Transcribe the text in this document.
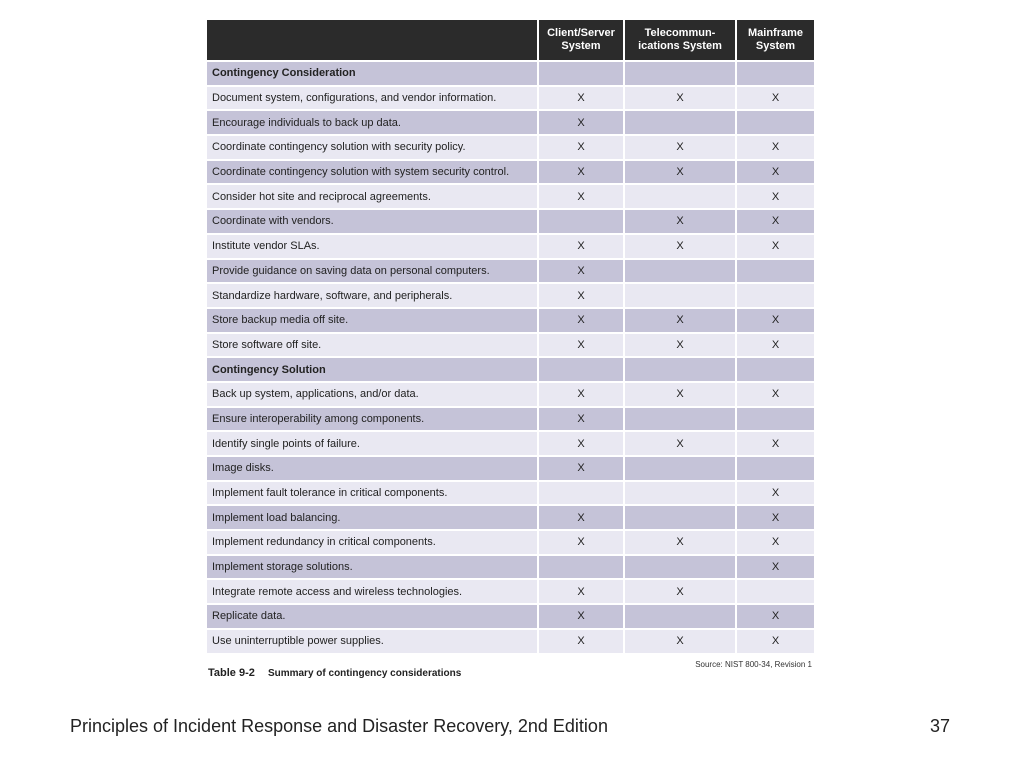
	Client/Server System	Telecommun-ications System	Mainframe System
Contingency Consideration			
Document system, configurations, and vendor information.	X	X	X
Encourage individuals to back up data.	X		
Coordinate contingency solution with security policy.	X	X	X
Coordinate contingency solution with system security control.	X	X	X
Consider hot site and reciprocal agreements.	X		X
Coordinate with vendors.		X	X
Institute vendor SLAs.	X	X	X
Provide guidance on saving data on personal computers.	X		
Standardize hardware, software, and peripherals.	X		
Store backup media off site.	X	X	X
Store software off site.	X	X	X
Contingency Solution			
Back up system, applications, and/or data.	X	X	X
Ensure interoperability among components.	X		
Identify single points of failure.	X	X	X
Image disks.	X		
Implement fault tolerance in critical components.			X
Implement load balancing.	X		X
Implement redundancy in critical components.	X	X	X
Implement storage solutions.			X
Integrate remote access and wireless technologies.	X	X	
Replicate data.	X		X
Use uninterruptible power supplies.	X	X	X
Source: NIST 800-34, Revision 1
Table 9-2 Summary of contingency considerations
Principles of Incident Response and Disaster Recovery, 2nd Edition	37
